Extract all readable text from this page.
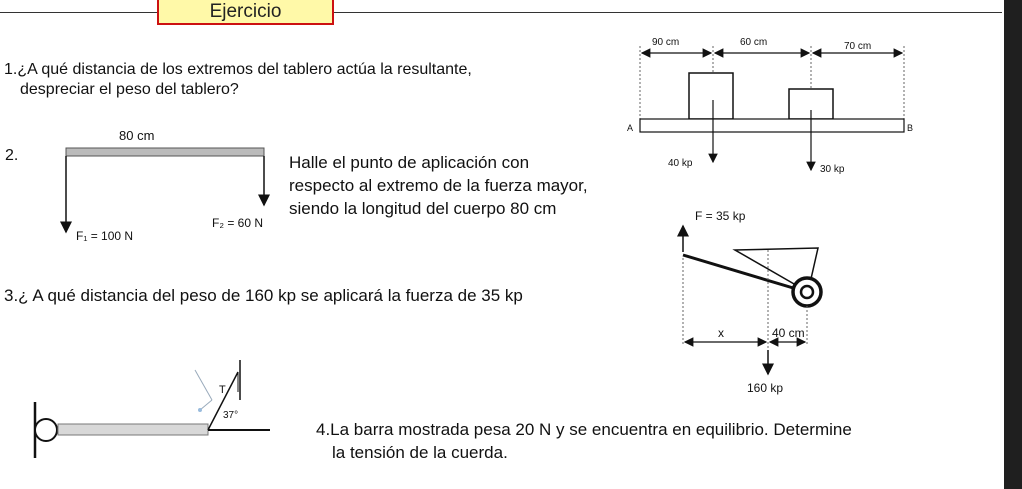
Ejercicio
1.¿A qué distancia de los extremos del tablero actúa la resultante,
despreciar el peso del tablero?
2.	Halle el punto de aplicación con
respecto al extremo de la fuerza mayor,
siendo la longitud del cuerpo 80 cm
3.¿ A qué distancia del peso de 160 kp se aplicará la fuerza de 35 kp
4.La barra mostrada pesa 20 N y se encuentra en equilibrio. Determine
la tensión de la cuerda.
80 cm
F₁ = 100 N
F₂ = 60 N
90 cm	60 cm	70 cm
A	B
40 kp
30 kp
F = 35 kp
x	40 cm
160 kp
T
37°
